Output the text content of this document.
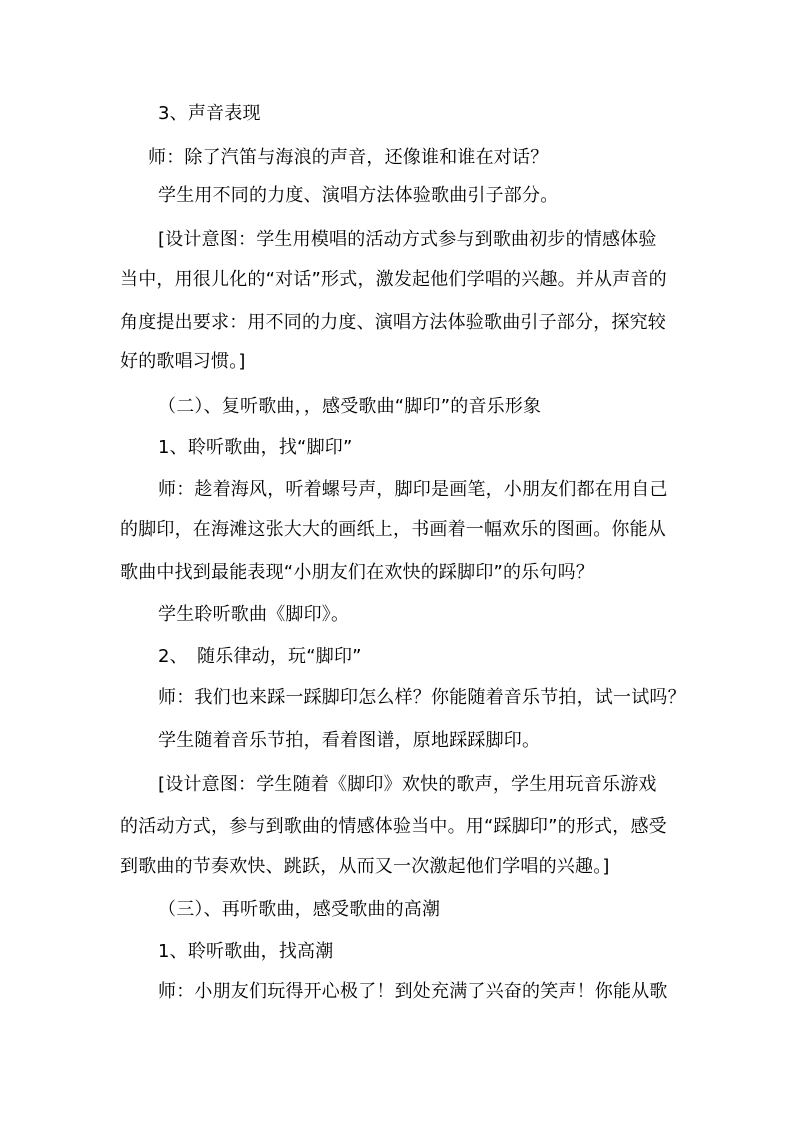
3、声音表现
师：除了汽笛与海浪的声音，还像谁和谁在对话？
学生用不同的力度、演唱方法体验歌曲引子部分。
[设计意图：学生用模唱的活动方式参与到歌曲初步的情感体验
当中，用很儿化的“对话”形式，激发起他们学唱的兴趣。并从声音的
角度提出要求：用不同的力度、演唱方法体验歌曲引子部分，探究较
好的歌唱习惯。]
（二）、复听歌曲，，感受歌曲“脚印”的音乐形象
1、聆听歌曲，找“脚印”
师：趁着海风，听着螺号声，脚印是画笔，小朋友们都在用自己
的脚印，在海滩这张大大的画纸上，书画着一幅欢乐的图画。你能从
歌曲中找到最能表现“小朋友们在欢快的踩脚印”的乐句吗？
学生聆听歌曲《脚印》。
2、　随乐律动，玩“脚印”
师：我们也来踩一踩脚印怎么样？你能随着音乐节拍，试一试吗？
学生随着音乐节拍，看着图谱，原地踩踩脚印。
[设计意图：学生随着《脚印》欢快的歌声，学生用玩音乐游戏
的活动方式，参与到歌曲的情感体验当中。用“踩脚印”的形式，感受
到歌曲的节奏欢快、跳跃，从而又一次激起他们学唱的兴趣。]
（三）、再听歌曲，感受歌曲的高潮
1、聆听歌曲，找高潮
师：小朋友们玩得开心极了！到处充满了兴奋的笑声！你能从歌
